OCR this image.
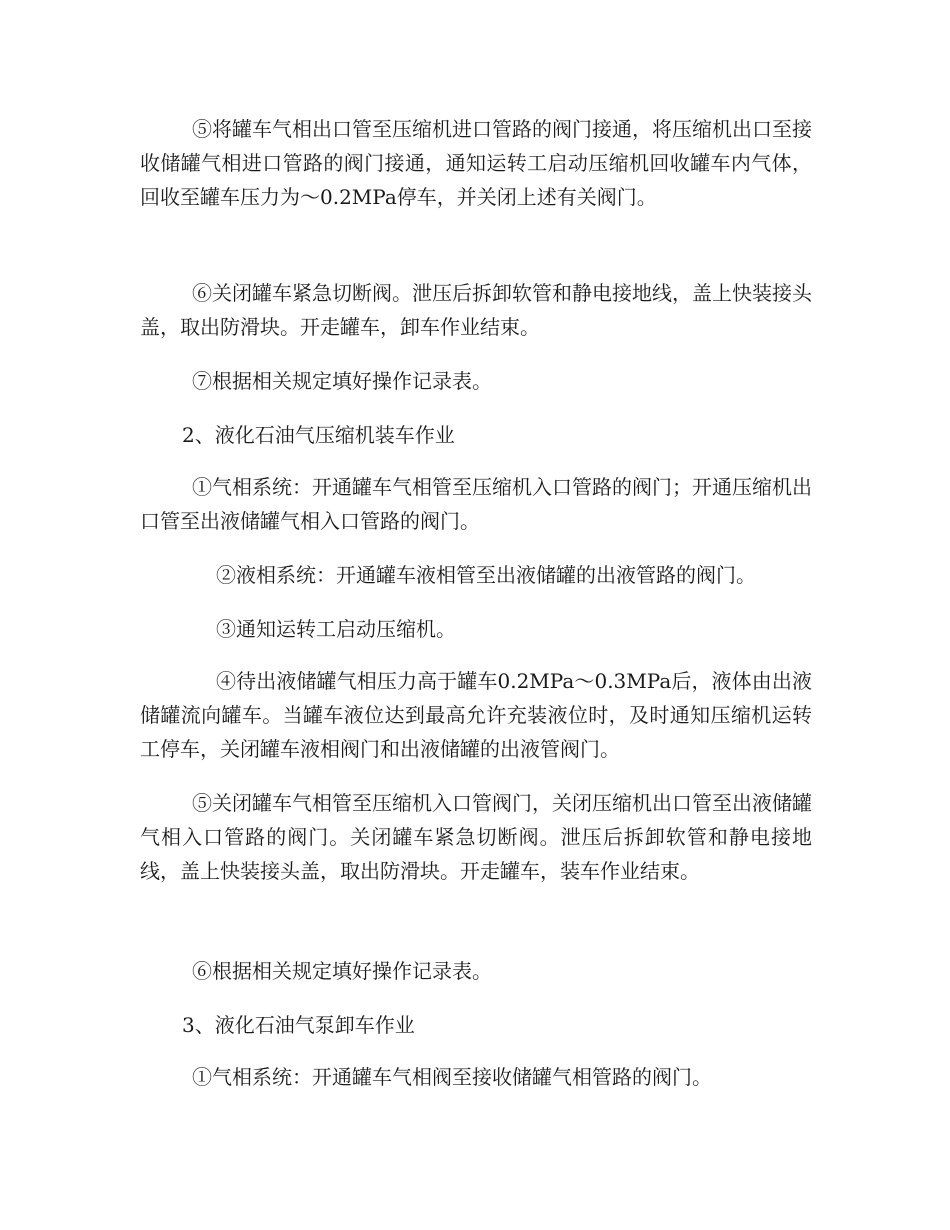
⑤将罐车气相出口管至压缩机进口管路的阀门接通，将压缩机出口至接收储罐气相进口管路的阀门接通，通知运转工启动压缩机回收罐车内气体，回收至罐车压力为～0.2MPa停车，并关闭上述有关阀门。

⑥关闭罐车紧急切断阀。泄压后拆卸软管和静电接地线，盖上快装接头盖，取出防滑块。开走罐车，卸车作业结束。

⑦根据相关规定填好操作记录表。

2、液化石油气压缩机装车作业

①气相系统：开通罐车气相管至压缩机入口管路的阀门；开通压缩机出口管至出液储罐气相入口管路的阀门。

②液相系统：开通罐车液相管至出液储罐的出液管路的阀门。

③通知运转工启动压缩机。

④待出液储罐气相压力高于罐车0.2MPa～0.3MPa后，液体由出液储罐流向罐车。当罐车液位达到最高允许充装液位时，及时通知压缩机运转工停车，关闭罐车液相阀门和出液储罐的出液管阀门。

⑤关闭罐车气相管至压缩机入口管阀门，关闭压缩机出口管至出液储罐气相入口管路的阀门。关闭罐车紧急切断阀。泄压后拆卸软管和静电接地线，盖上快装接头盖，取出防滑块。开走罐车，装车作业结束。

⑥根据相关规定填好操作记录表。

3、液化石油气泵卸车作业

①气相系统：开通罐车气相阀至接收储罐气相管路的阀门。
